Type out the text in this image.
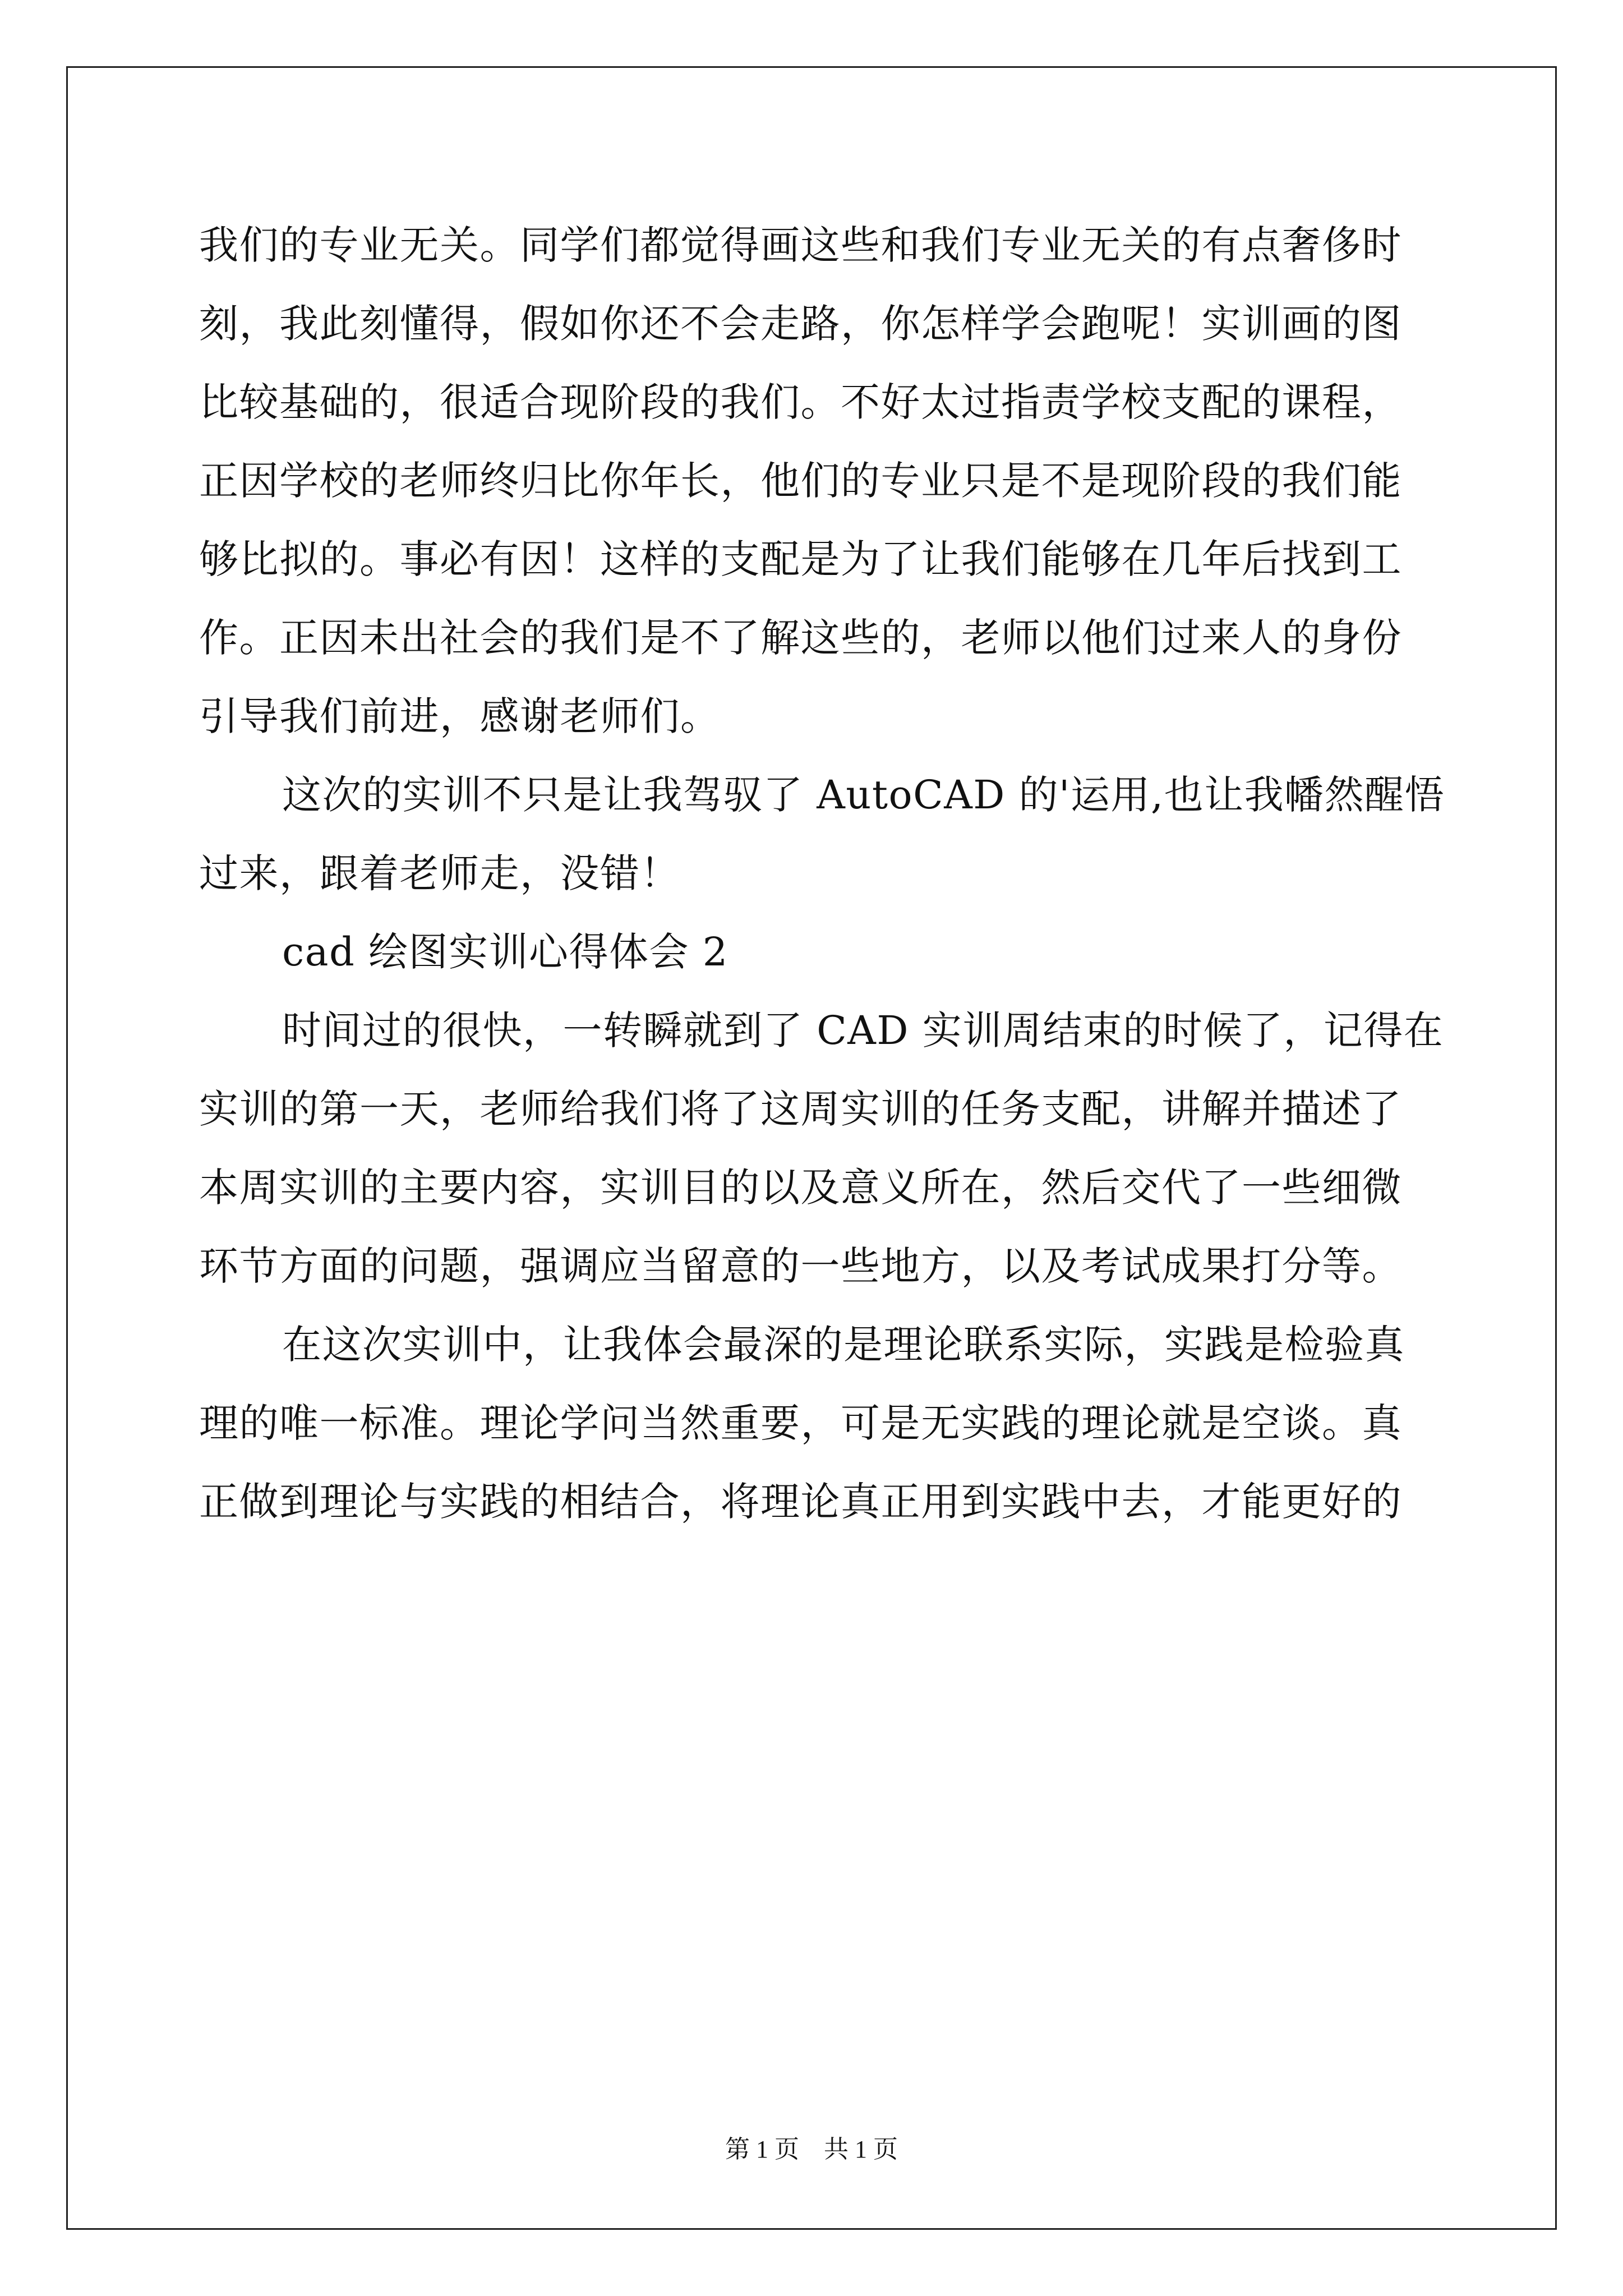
我们的专业无关。同学们都觉得画这些和我们专业无关的有点奢侈时
刻，我此刻懂得，假如你还不会走路，你怎样学会跑呢！实训画的图
比较基础的，很适合现阶段的我们。不好太过指责学校支配的课程，
正因学校的老师终归比你年长，他们的专业只是不是现阶段的我们能
够比拟的。事必有因！这样的支配是为了让我们能够在几年后找到工
作。正因未出社会的我们是不了解这些的，老师以他们过来人的身份
引导我们前进，感谢老师们。
这次的实训不只是让我驾驭了 AutoCAD 的'运用,也让我幡然醒悟
过来，跟着老师走，没错！
cad 绘图实训心得体会 2
时间过的很快，一转瞬就到了 CAD 实训周结束的时候了，记得在
实训的第一天，老师给我们将了这周实训的任务支配，讲解并描述了
本周实训的主要内容，实训目的以及意义所在，然后交代了一些细微
环节方面的问题，强调应当留意的一些地方，以及考试成果打分等。
在这次实训中，让我体会最深的是理论联系实际，实践是检验真
理的唯一标准。理论学问当然重要，可是无实践的理论就是空谈。真
正做到理论与实践的相结合，将理论真正用到实践中去，才能更好的
第 1 页　共 1 页
